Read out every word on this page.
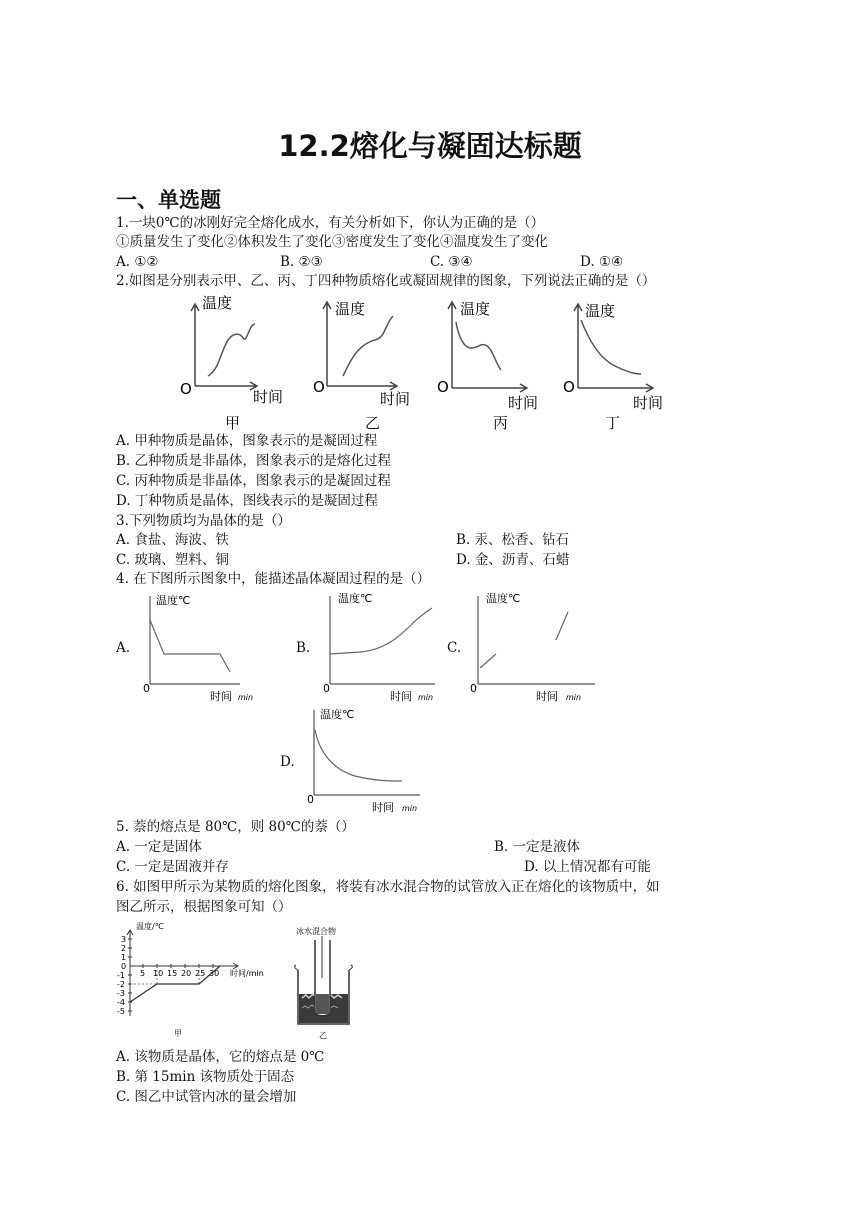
12.2熔化与凝固达标题
一、单选题
1.一块0℃的冰刚好完全熔化成水，有关分析如下，你认为正确的是（）
①质量发生了变化②体积发生了变化③密度发生了变化④温度发生了变化
A. ①②	B. ②③	C. ③④	D. ①④
2.如图是分别表示甲、乙、丙、丁四种物质熔化或凝固规律的图象，下列说法正确的是（）
温度
O	时间
甲
温度
O
时间
乙
温度
O
时间
丙
温度
O
时间
丁
A. 甲种物质是晶体，图象表示的是凝固过程
B. 乙种物质是非晶体，图象表示的是熔化过程
C. 丙种物质是非晶体，图象表示的是凝固过程
D. 丁种物质是晶体，图线表示的是凝固过程
3.下列物质均为晶体的是（）
A. 食盐、海波、铁	B. 汞、松香、钻石
C. 玻璃、塑料、铜	D. 金、沥青、石蜡
4. 在下图所示图象中，能描述晶体凝固过程的是（）
A.	B.	C.
D.
温度℃
0
时间 min
温度℃
0
时间 min
温度℃
0
时间 min
温度℃
0
时间 min
5. 萘的熔点是 80℃，则 80℃的萘（）
A. 一定是固体	B. 一定是液体
C. 一定是固液并存	D. 以上情况都有可能
6. 如图甲所示为某物质的熔化图象，将装有冰水混合物的试管放入正在熔化的该物质中，如
图乙所示，根据图象可知（）
温度/℃
3
2
1
0
-1
-2
-3
-4
-5
5 10 15 20 25 30 时间/min
甲
冰水混合物
乙
A. 该物质是晶体，它的熔点是 0℃
B. 第 15min 该物质处于固态
C. 图乙中试管内冰的量会增加
